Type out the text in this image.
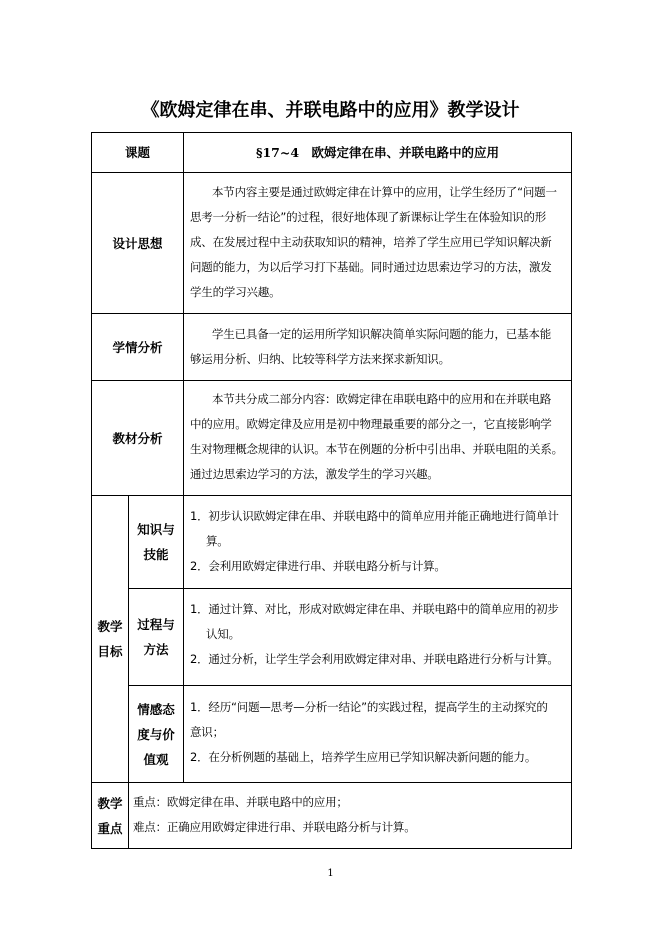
《欧姆定律在串、并联电路中的应用》教学设计
课题	§17~4　欧姆定律在串、并联电路中的应用
设计思想
本节内容主要是通过欧姆定律在计算中的应用，让学生经历了“问题一
思考一分析一结论”的过程，很好地体现了新课标让学生在体验知识的形
成、在发展过程中主动获取知识的精神，培养了学生应用已学知识解决新
问题的能力，为以后学习打下基础。同时通过边思索边学习的方法，激发
学生的学习兴趣。
学情分析
学生已具备一定的运用所学知识解决简单实际问题的能力，已基本能
够运用分析、归纳、比较等科学方法来探求新知识。
教材分析
本节共分成二部分内容：欧姆定律在串联电路中的应用和在并联电路
中的应用。欧姆定律及应用是初中物理最重要的部分之一，它直接影响学
生对物理概念规律的认识。本节在例题的分析中引出串、并联电阻的关系。
通过边思索边学习的方法，激发学生的学习兴趣。
教学
目标
知识与
技能
1．初步认识欧姆定律在串、并联电路中的简单应用并能正确地进行简单计
算。
2．会利用欧姆定律进行串、并联电路分析与计算。
过程与
方法
1．通过计算、对比，形成对欧姆定律在串、并联电路中的简单应用的初步
认知。
2．通过分析，让学生学会利用欧姆定律对串、并联电路进行分析与计算。
情感态
度与价
值观
1．经历“问题—思考—分析一结论”的实践过程，提高学生的主动探究的
意识；
2．在分析例题的基础上，培养学生应用已学知识解决新问题的能力。
教学
重点
重点：欧姆定律在串、并联电路中的应用；
难点：正确应用欧姆定律进行串、并联电路分析与计算。
1
